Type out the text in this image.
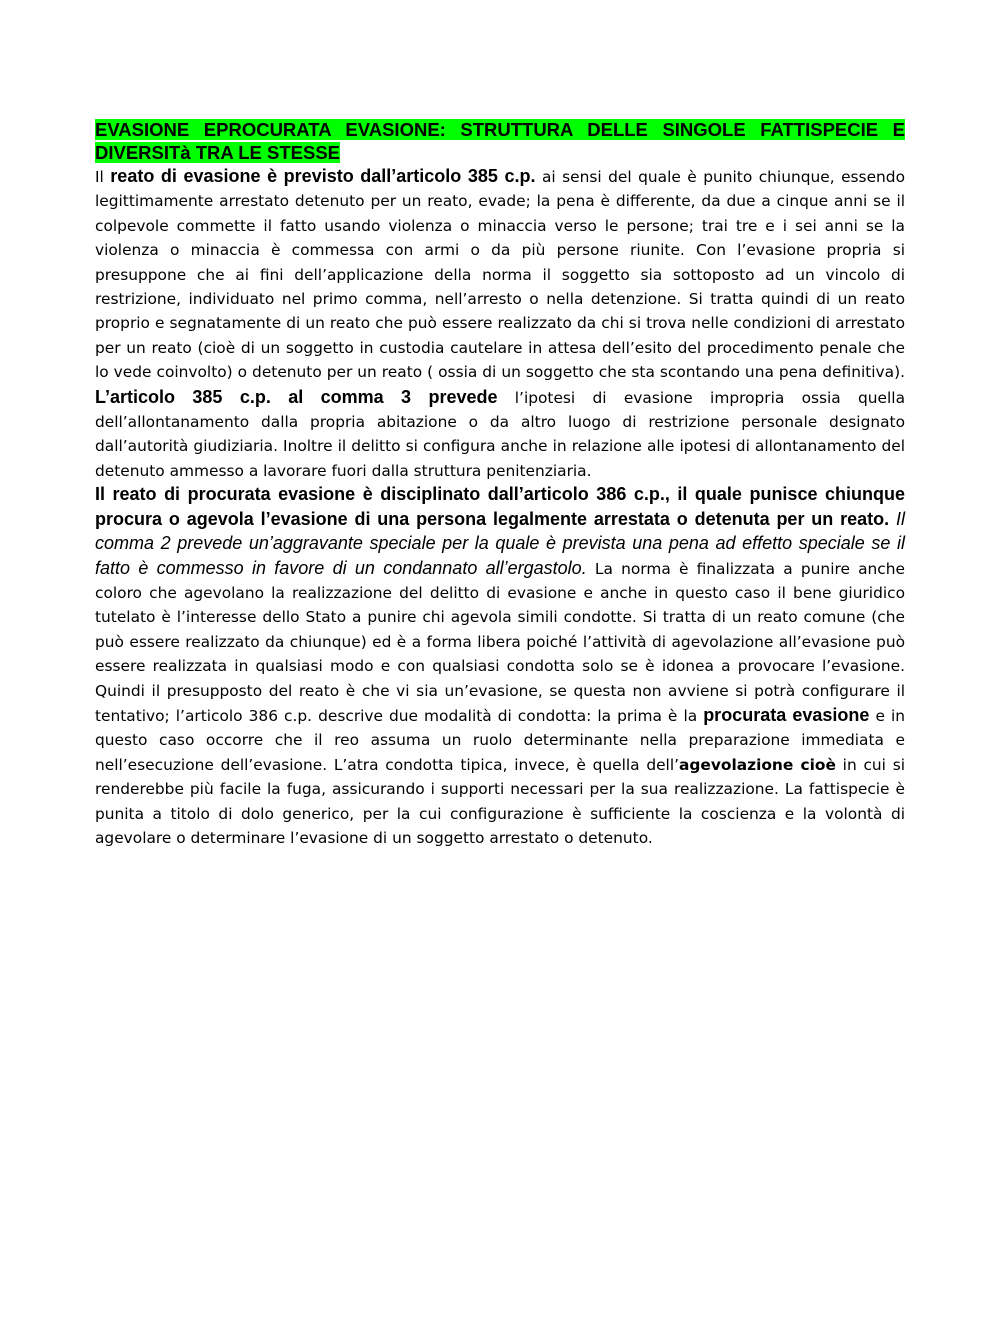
EVASIONE EPROCURATA EVASIONE: STRUTTURA DELLE SINGOLE FATTISPECIE E DIVERSITà TRA LE STESSE

Il reato di evasione è previsto dall’articolo 385 c.p. ai sensi del quale è punito chiunque, essendo legittimamente arrestato detenuto per un reato, evade; la pena è differente, da due a cinque anni se il colpevole commette il fatto usando violenza o minaccia verso le persone; trai tre e i sei anni se la violenza o minaccia è commessa con armi o da più persone riunite. Con l’evasione propria si presuppone che ai fini dell’applicazione della norma il soggetto sia sottoposto ad un vincolo di restrizione, individuato nel primo comma, nell’arresto o nella detenzione. Si tratta quindi di un reato proprio e segnatamente di un reato che può essere realizzato da chi si trova nelle condizioni di arrestato per un reato (cioè di un soggetto in custodia cautelare in attesa dell’esito del procedimento penale che lo vede coinvolto) o detenuto per un reato ( ossia di un soggetto che sta scontando una pena definitiva). L’articolo 385 c.p. al comma 3 prevede l’ipotesi di evasione impropria ossia quella dell’allontanamento dalla propria abitazione o da altro luogo di restrizione personale designato dall’autorità giudiziaria. Inoltre il delitto si configura anche in relazione alle ipotesi di allontanamento del detenuto ammesso a lavorare fuori dalla struttura penitenziaria.

Il reato di procurata evasione è disciplinato dall’articolo 386 c.p., il quale punisce chiunque procura o agevola l’evasione di una persona legalmente arrestata o detenuta per un reato. Il comma 2 prevede un’aggravante speciale per la quale è prevista una pena ad effetto speciale se il fatto è commesso in favore di un condannato all’ergastolo. La norma è finalizzata a punire anche coloro che agevolano la realizzazione del delitto di evasione e anche in questo caso il bene giuridico tutelato è l’interesse dello Stato a punire chi agevola simili condotte. Si tratta di un reato comune (che può essere realizzato da chiunque) ed è a forma libera poiché l’attività di agevolazione all’evasione può essere realizzata in qualsiasi modo e con qualsiasi condotta solo se è idonea a provocare l’evasione. Quindi il presupposto del reato è che vi sia un’evasione, se questa non avviene si potrà configurare il tentativo; l’articolo 386 c.p. descrive due modalità di condotta: la prima è la procurata evasione e in questo caso occorre che il reo assuma un ruolo determinante nella preparazione immediata e nell’esecuzione dell’evasione. L’atra condotta tipica, invece, è quella dell’agevolazione cioè in cui si renderebbe più facile la fuga, assicurando i supporti necessari per la sua realizzazione. La fattispecie è punita a titolo di dolo generico, per la cui configurazione è sufficiente la coscienza e la volontà di agevolare o determinare l’evasione di un soggetto arrestato o detenuto.
